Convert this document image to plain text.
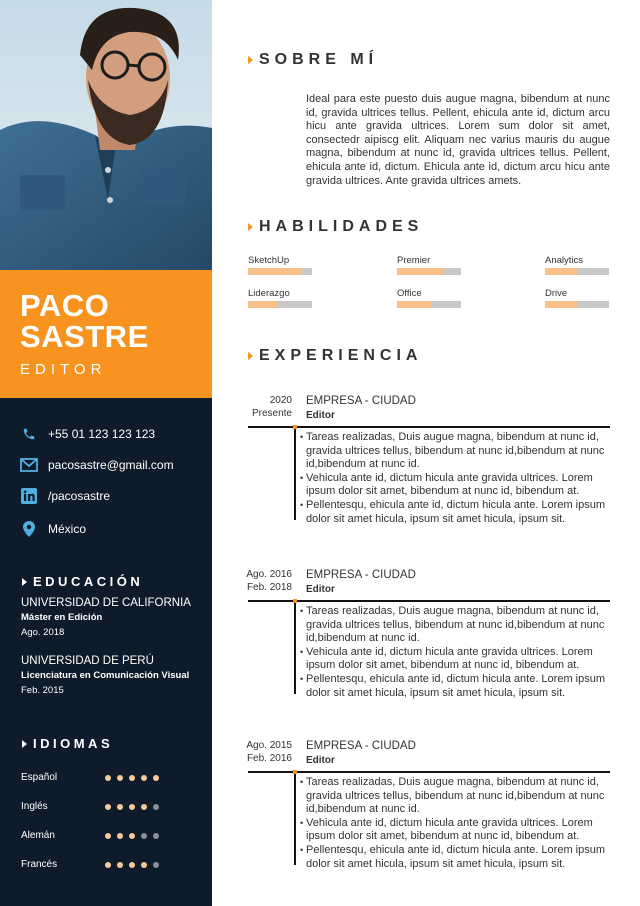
PACO
SASTRE
EDITOR
+55 01 123 123 123
pacosastre@gmail.com
/pacosastre
México
EDUCACIÓN
UNIVERSIDAD DE CALIFORNIA
Máster en Edición
Ago. 2018
UNIVERSIDAD DE PERÚ
Licenciatura en Comunicación Visual
Feb. 2015
IDIOMAS
Español
Inglés
Alemán
Francés
SOBRE MÍ

Ideal para este puesto duis augue magna, bibendum at nunc id, gravida ultrices tellus. Pellent, ehicula ante id, dictum arcu hicu ante gravida ultrices. Lorem sum dolor sit amet, consectedr aipiscg elit. Aliquam nec varius mauris du augue magna, bibendum at nunc id, gravida ultrices tellus. Pellent, ehicula ante id, dictum. Ehicula ante id, dictum arcu hicu ante gravida ultrices. Ante gravida ultrices amets.

HABILIDADES
SketchUp	Premier	Analytics
Liderazgo	Office	Drive
EXPERIENCIA
2020
Presente
EMPRESA - CIUDAD
Editor
• Tareas realizadas, Duis augue magna, bibendum at nunc id, gravida ultrices tellus, bibendum at nunc id,bibendum at nunc id,bibendum at nunc id.
• Vehicula ante id, dictum hicula ante gravida ultrices. Lorem ipsum dolor sit amet, bibendum at nunc id, bibendum at.
• Pellentesqu, ehicula ante id, dictum hicula ante. Lorem ipsum dolor sit amet hicula, ipsum sit amet hicula, ipsum sit.
Ago. 2016
Feb. 2018
EMPRESA - CIUDAD
Editor
• Tareas realizadas, Duis augue magna, bibendum at nunc id, gravida ultrices tellus, bibendum at nunc id,bibendum at nunc id,bibendum at nunc id.
• Vehicula ante id, dictum hicula ante gravida ultrices. Lorem ipsum dolor sit amet, bibendum at nunc id, bibendum at.
• Pellentesqu, ehicula ante id, dictum hicula ante. Lorem ipsum dolor sit amet hicula, ipsum sit amet hicula, ipsum sit.
Ago. 2015
Feb. 2016
EMPRESA - CIUDAD
Editor
• Tareas realizadas, Duis augue magna, bibendum at nunc id, gravida ultrices tellus, bibendum at nunc id,bibendum at nunc id,bibendum at nunc id.
• Vehicula ante id, dictum hicula ante gravida ultrices. Lorem ipsum dolor sit amet, bibendum at nunc id, bibendum at.
• Pellentesqu, ehicula ante id, dictum hicula ante. Lorem ipsum dolor sit amet hicula, ipsum sit amet hicula, ipsum sit.
